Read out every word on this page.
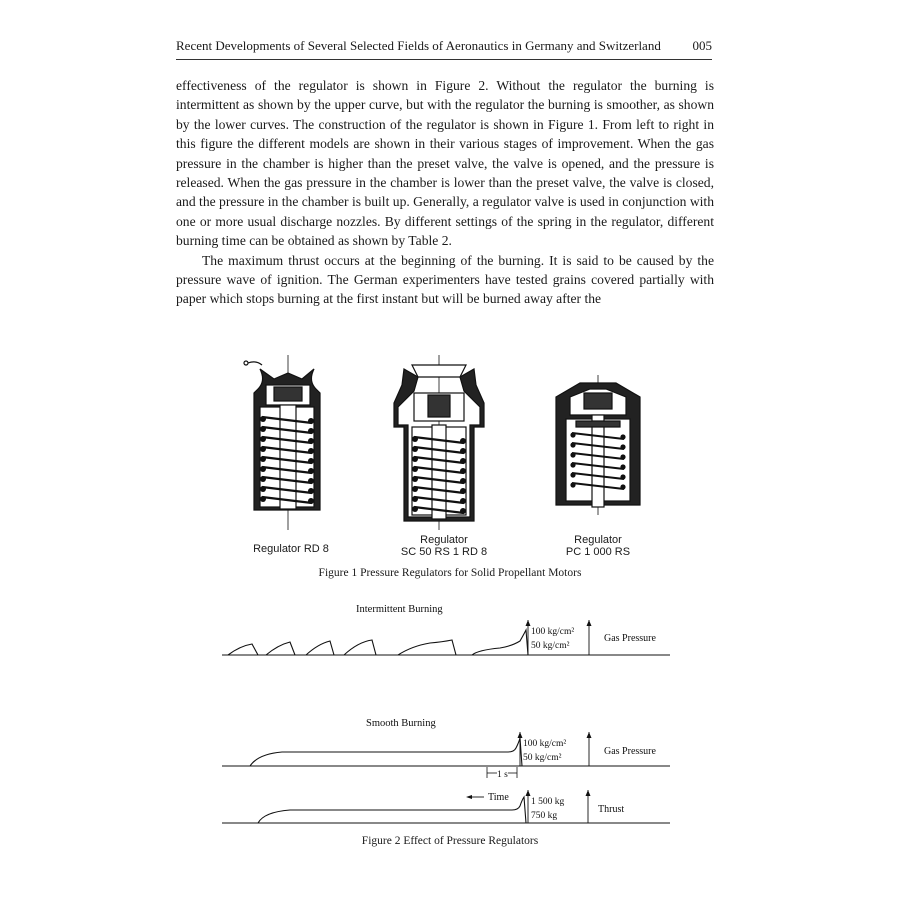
Recent Developments of Several Selected Fields of Aeronautics in Germany and Switzerland 005

effectiveness of the regulator is shown in Figure 2. Without the regulator the burning is intermittent as shown by the upper curve, but with the regulator the burning is smoother, as shown by the lower curves. The construction of the regulator is shown in Figure 1. From left to right in this figure the different models are shown in their various stages of improvement. When the gas pressure in the chamber is higher than the preset valve, the valve is opened, and the pressure is released. When the gas pressure in the chamber is lower than the preset valve, the valve is closed, and the pressure in the chamber is built up. Generally, a regulator valve is used in conjunction with one or more usual discharge nozzles. By different settings of the spring in the regulator, different burning time can be obtained as shown by Table 2.

The maximum thrust occurs at the beginning of the burning. It is said to be caused by the pressure wave of ignition. The German experimenters have tested grains covered partially with paper which stops burning at the first instant but will be burned away after the

Regulator RD 8
Regulator
SC 50 RS 1 RD 8
Regulator
PC 1 000 RS
Figure 1 Pressure Regulators for Solid Propellant Motors
Intermittent Burning
100 kg/cm²
50 kg/cm²
Gas Pressure
Smooth Burning
100 kg/cm²
50 kg/cm²
Gas Pressure
1 s
Time 1 500 kg
750 kg
Thrust
Figure 2 Effect of Pressure Regulators
